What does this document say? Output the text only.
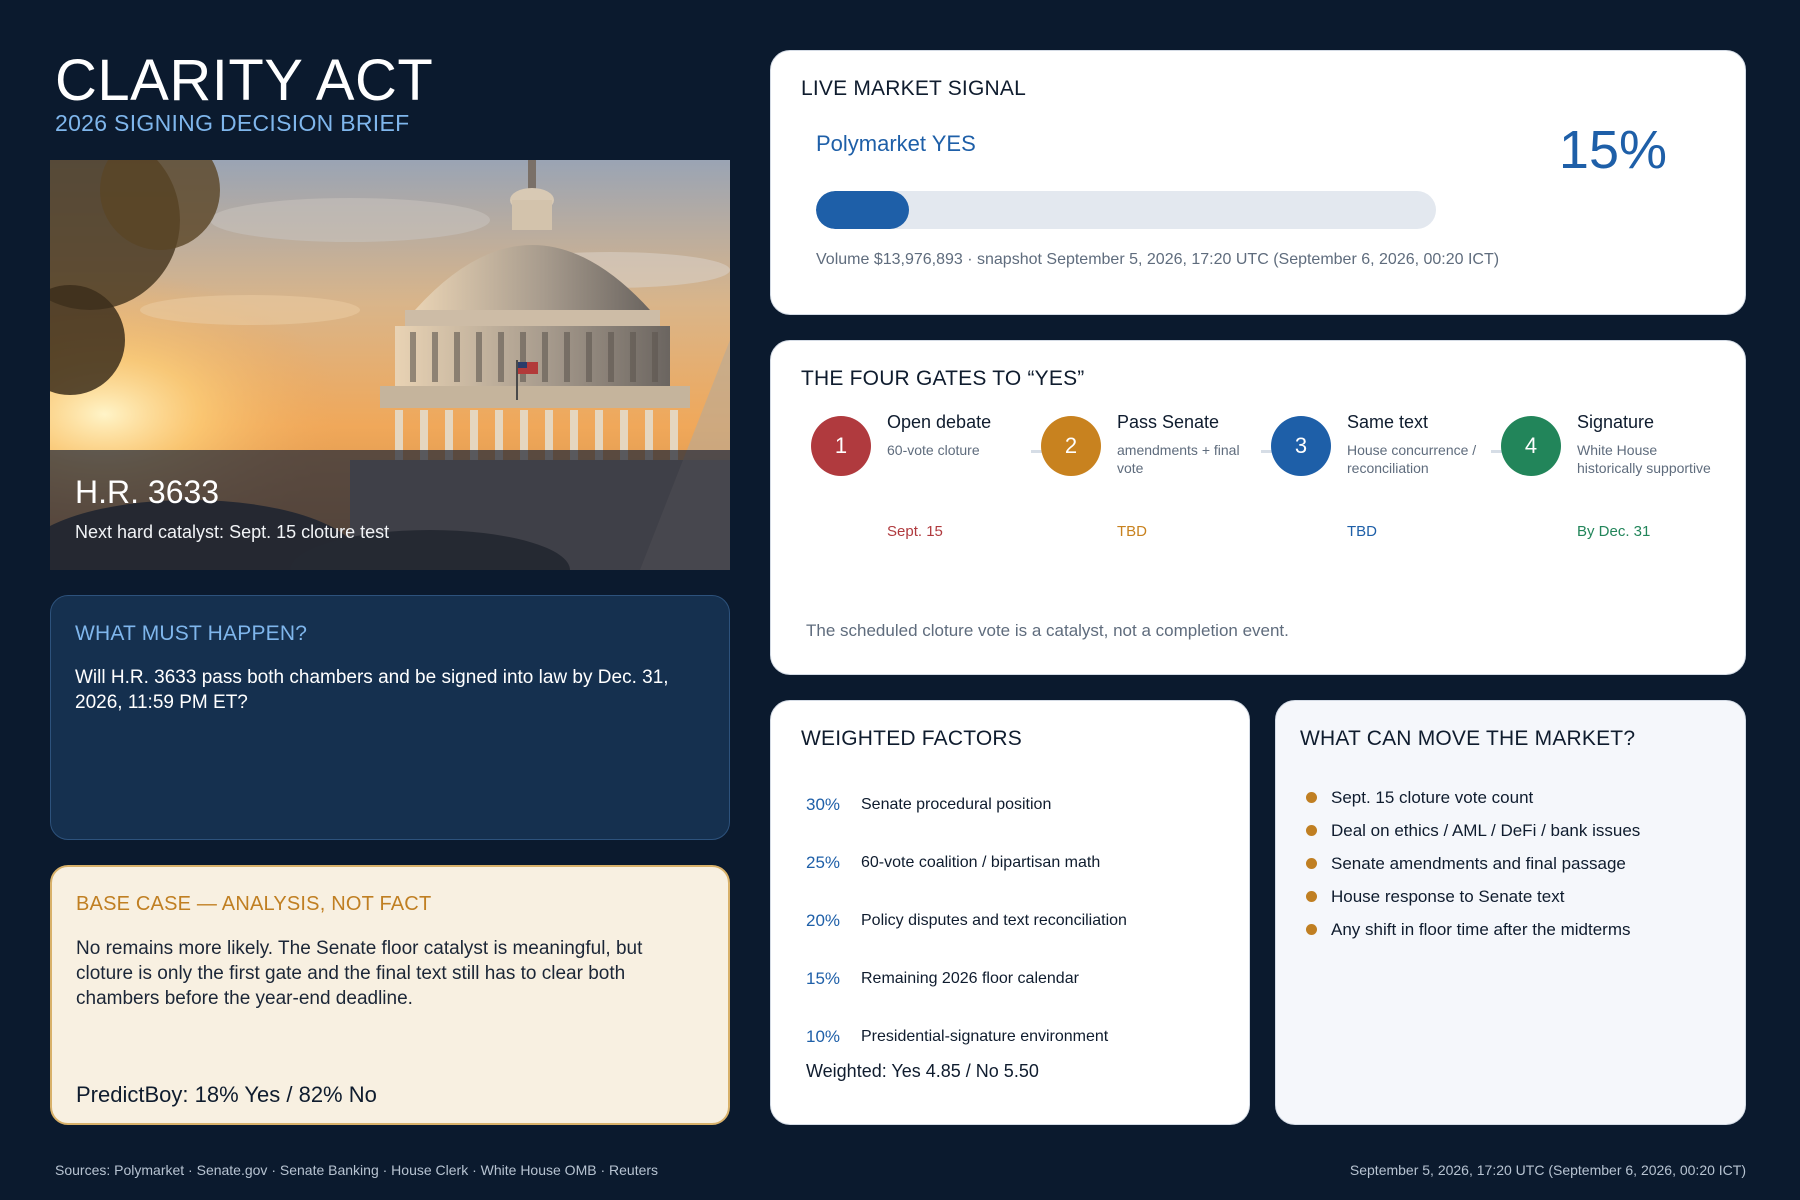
CLARITY ACT
2026 SIGNING DECISION BRIEF
H.R. 3633
Next hard catalyst: Sept. 15 cloture test
WHAT MUST HAPPEN?
Will H.R. 3633 pass both chambers and be signed into law by Dec. 31, 2026, 11:59 PM ET?
BASE CASE — ANALYSIS, NOT FACT
No remains more likely. The Senate floor catalyst is meaningful, but cloture is only the first gate and the final text still has to clear both chambers before the year-end deadline.
PredictBoy: 18% Yes / 82% No
LIVE MARKET SIGNAL
Polymarket YES	15%
Volume $13,976,893 · snapshot September 5, 2026, 17:20 UTC (September 6, 2026, 00:20 ICT)
THE FOUR GATES TO “YES”
1
Open debate
60-vote cloture
Sept. 15
2
Pass Senate
amendments + final vote
TBD
3
Same text
House concurrence / reconciliation
TBD
4
Signature
White House historically supportive
By Dec. 31
The scheduled cloture vote is a catalyst, not a completion event.
WEIGHTED FACTORS
30%	Senate procedural position
25%	60-vote coalition / bipartisan math
20%	Policy disputes and text reconciliation
15%	Remaining 2026 floor calendar
10%	Presidential-signature environment
Weighted: Yes 4.85 / No 5.50
WHAT CAN MOVE THE MARKET?
Sept. 15 cloture vote count
Deal on ethics / AML / DeFi / bank issues
Senate amendments and final passage
House response to Senate text
Any shift in floor time after the midterms
Sources: Polymarket · Senate.gov · Senate Banking · House Clerk · White House OMB · Reuters	September 5, 2026, 17:20 UTC (September 6, 2026, 00:20 ICT)
